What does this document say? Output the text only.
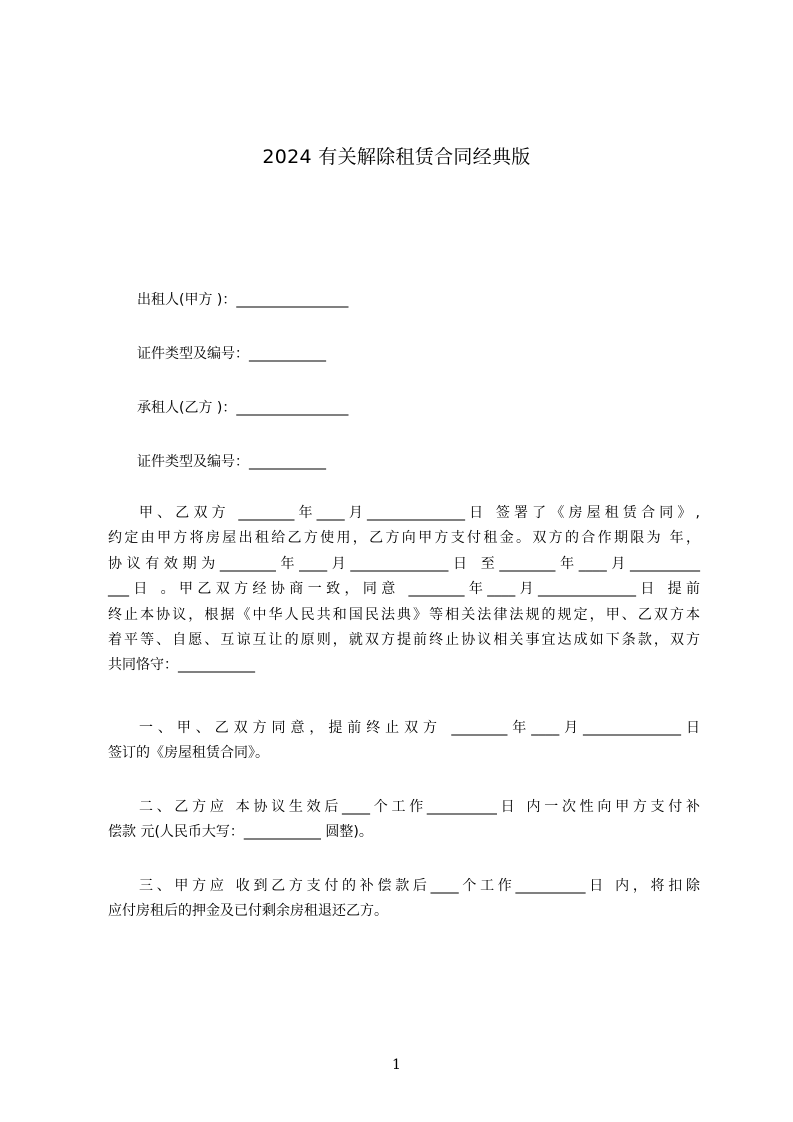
2024 有关解除租赁合同经典版
出租人(甲方 )：________________
证件类型及编号：___________
承租人(乙方 )：________________
证件类型及编号：___________
甲、乙双方 ________年____月______________日 签署了《房屋租赁合同》,
约定由甲方将房屋出租给乙方使用，乙方向甲方支付租金。双方的合作期限为 年，
协议有效期为________年____月______________日 至________年____月__________
___日 。甲乙双方经协商一致，同意 ________年____月______________日 提前
终止本协议，根据《中华人民共和国民法典》等相关法律法规的规定，甲、乙双方本
着平等、自愿、互谅互让的原则，就双方提前终止协议相关事宜达成如下条款，双方
共同恪守：___________
一、甲、乙双方同意，提前终止双方 ________年____月______________日
签订的《房屋租赁合同》。
二、乙方应 本协议生效后____个工作__________日 内一次性向甲方支付补
偿款 元(人民币大写：___________ 圆整)。
三、甲方应 收到乙方支付的补偿款后____个工作__________日 内，将扣除
应付房租后的押金及已付剩余房租退还乙方。
1
